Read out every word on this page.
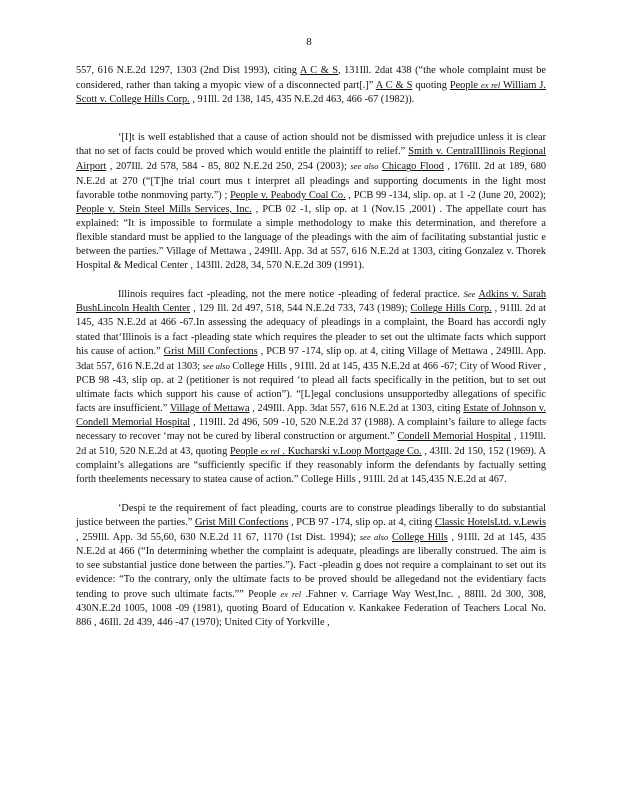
8

557, 616 N.E.2d 1297, 1303 (2nd Dist 1993), citing A C & S, 131Ill. 2dat 438 (“the whole complaint must be considered, rather than taking a myopic view of a disconnected part[.]” A C & S quoting People ex rel William J. Scott v. College Hills Corp. , 91Ill. 2d 138, 145, 435 N.E.2d 463, 466 -67 (1982)).

‘[I]t is well established that a cause of action should not be dismissed with prejudice unless it is clear that no set of facts could be proved which would entitle the plaintiff to relief.” Smith v. CentralIllinois Regional Airport , 207Ill. 2d 578, 584 - 85, 802 N.E.2d 250, 254 (2003); see also Chicago Flood , 176Ill. 2d at 189, 680 N.E.2d at 270 (“[T]he trial court mus t interpret all pleadings and supporting documents in the light most favorable tothe nonmoving party.”) ; People v. Peabody Coal Co. , PCB 99 -134, slip. op. at 1 -2 (June 20, 2002); People v. Stein Steel Mills Services, Inc. , PCB 02 -1, slip op. at 1 (Nov.15 ,2001) . The appellate court has explained: “It is impossible to formulate a simple methodology to make this determination, and therefore a flexible standard must be applied to the language of the pleadings with the aim of facilitating substantial justic e between the parties.” Village of Mettawa , 249Ill. App. 3d at 557, 616 N.E.2d at 1303, citing Gonzalez v. Thorek Hospital & Medical Center , 143Ill. 2d28, 34, 570 N.E.2d 309 (1991).

Illinois requires fact -pleading, not the mere notice -pleading of federal practice. See Adkins v. Sarah BushLincoln Health Center , 129 Ill. 2d 497, 518, 544 N.E.2d 733, 743 (1989); College Hills Corp. , 91Ill. 2d at 145, 435 N.E.2d at 466 -67.In assessing the adequacy of pleadings in a complaint, the Board has accordi ngly stated that‘Illinois is a fact -pleading state which requires the pleader to set out the ultimate facts which support his cause of action.” Grist Mill Confections , PCB 97 -174, slip op. at 4, citing Village of Mettawa , 249Ill. App. 3dat 557, 616 N.E.2d at 1303; see also College Hills , 91Ill. 2d at 145, 435 N.E.2d at 466 -67; City of Wood River , PCB 98 -43, slip op. at 2 (petitioner is not required ‘to plead all facts specifically in the petition, but to set out ultimate facts which support his cause of action”). “[L]egal conclusions unsupportedby allegations of specific facts are insufficient.” Village of Mettawa , 249Ill. App. 3dat 557, 616 N.E.2d at 1303, citing Estate of Johnson v. Condell Memorial Hospital , 119Ill. 2d 496, 509 -10, 520 N.E.2d 37 (1988). A complaint’s failure to allege facts necessary to recover ‘may not be cured by liberal construction or argument.” Condell Memorial Hospital , 119Ill. 2d at 510, 520 N.E.2d at 43, quoting People ex rel . Kucharski v.Loop Mortgage Co. , 43Ill. 2d 150, 152 (1969). A complaint’s allegations are “sufficiently specific if they reasonably inform the defendants by factually setting forth theelements necessary to statea cause of action.” College Hills , 91Ill. 2d at 145,435 N.E.2d at 467.

‘Despi te the requirement of fact pleading, courts are to construe pleadings liberally to do substantial justice between the parties.” Grist Mill Confections , PCB 97 -174, slip op. at 4, citing Classic HotelsLtd. v.Lewis , 259Ill. App. 3d 55,60, 630 N.E.2d 11 67, 1170 (1st Dist. 1994); see also College Hills , 91Ill. 2d at 145, 435 N.E.2d at 466 (“In determining whether the complaint is adequate, pleadings are liberally construed. The aim is to see substantial justice done between the parties.”). Fact -pleadin g does not require a complainant to set out its evidence: “To the contrary, only the ultimate facts to be proved should be allegedand not the evidentiary facts tending to prove such ultimate facts.”” People ex rel .Fahner v. Carriage Way West,Inc. , 88Ill. 2d 300, 308, 430N.E.2d 1005, 1008 -09 (1981), quoting Board of Education v. Kankakee Federation of Teachers Local No. 886 , 46Ill. 2d 439, 446 -47 (1970); United City of Yorkville ,
